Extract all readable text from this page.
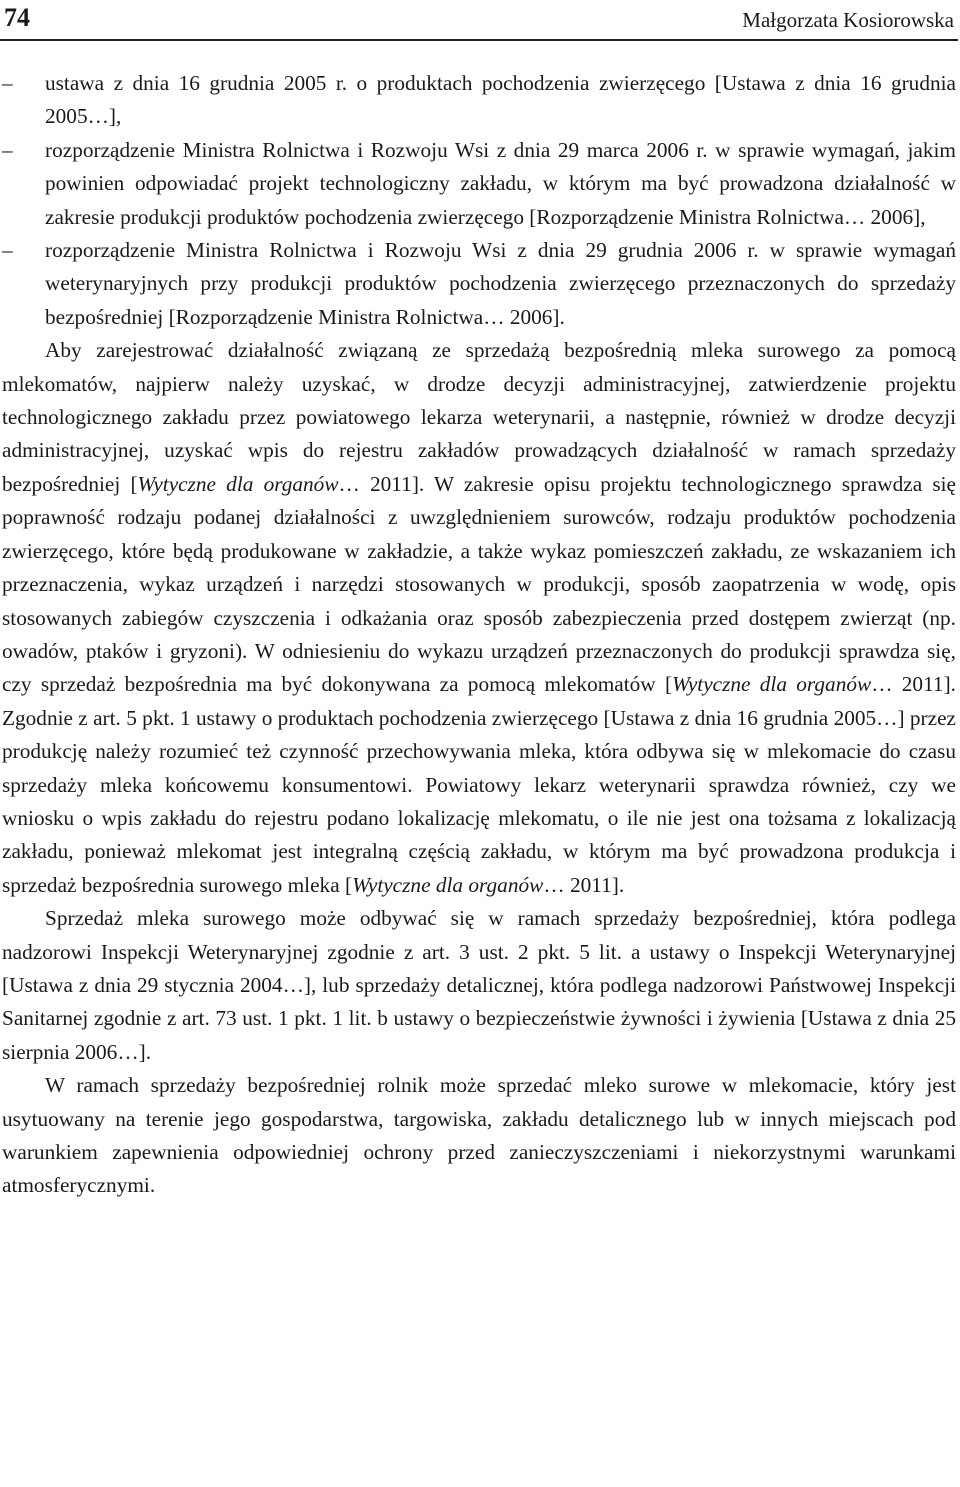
74	Małgorzata Kosiorowska
– ustawa z dnia 16 grudnia 2005 r. o produktach pochodzenia zwierzęcego [Ustawa z dnia 16 grudnia 2005…],
– rozporządzenie Ministra Rolnictwa i Rozwoju Wsi z dnia 29 marca 2006 r. w sprawie wymagań, jakim powinien odpowiadać projekt technologiczny zakładu, w którym ma być prowadzona działalność w zakresie produkcji produktów pochodzenia zwierzęcego [Rozporządzenie Ministra Rolnictwa… 2006],
– rozporządzenie Ministra Rolnictwa i Rozwoju Wsi z dnia 29 grudnia 2006 r. w sprawie wymagań weterynaryjnych przy produkcji produktów pochodzenia zwierzęcego przeznaczonych do sprzedaży bezpośredniej [Rozporządzenie Ministra Rolnictwa… 2006].

Aby zarejestrować działalność związaną ze sprzedażą bezpośrednią mleka surowego za pomocą mlekomatów, najpierw należy uzyskać, w drodze decyzji administracyjnej, zatwierdzenie projektu technologicznego zakładu przez powiatowego lekarza weterynarii, a następnie, również w drodze decyzji administracyjnej, uzyskać wpis do rejestru zakładów prowadzących działalność w ramach sprzedaży bezpośredniej [Wytyczne dla organów… 2011]. W zakresie opisu projektu technologicznego sprawdza się poprawność rodzaju podanej działalności z uwzględnieniem surowców, rodzaju produktów pochodzenia zwierzęcego, które będą produkowane w zakładzie, a także wykaz pomieszczeń zakładu, ze wskazaniem ich przeznaczenia, wykaz urządzeń i narzędzi stosowanych w produkcji, sposób zaopatrzenia w wodę, opis stosowanych zabiegów czyszczenia i odkażania oraz sposób zabezpieczenia przed dostępem zwierząt (np. owadów, ptaków i gryzoni). W odniesieniu do wykazu urządzeń przeznaczonych do produkcji sprawdza się, czy sprzedaż bezpośrednia ma być dokonywana za pomocą mlekomatów [Wytyczne dla organów… 2011]. Zgodnie z art. 5 pkt. 1 ustawy o produktach pochodzenia zwierzęcego [Ustawa z dnia 16 grudnia 2005…] przez produkcję należy rozumieć też czynność przechowywania mleka, która odbywa się w mlekomacie do czasu sprzedaży mleka końcowemu konsumentowi. Powiatowy lekarz weterynarii sprawdza również, czy we wniosku o wpis zakładu do rejestru podano lokalizację mlekomatu, o ile nie jest ona tożsama z lokalizacją zakładu, ponieważ mlekomat jest integralną częścią zakładu, w którym ma być prowadzona produkcja i sprzedaż bezpośrednia surowego mleka [Wytyczne dla organów… 2011].

Sprzedaż mleka surowego może odbywać się w ramach sprzedaży bezpośredniej, która podlega nadzorowi Inspekcji Weterynaryjnej zgodnie z art. 3 ust. 2 pkt. 5 lit. a ustawy o Inspekcji Weterynaryjnej [Ustawa z dnia 29 stycznia 2004…], lub sprzedaży detalicznej, która podlega nadzorowi Państwowej Inspekcji Sanitarnej zgodnie z art. 73 ust. 1 pkt. 1 lit. b ustawy o bezpieczeństwie żywności i żywienia [Ustawa z dnia 25 sierpnia 2006…].

W ramach sprzedaży bezpośredniej rolnik może sprzedać mleko surowe w mlekomacie, który jest usytuowany na terenie jego gospodarstwa, targowiska, zakładu detalicznego lub w innych miejscach pod warunkiem zapewnienia odpowiedniej ochrony przed zanieczyszczeniami i niekorzystnymi warunkami atmosferycznymi.
